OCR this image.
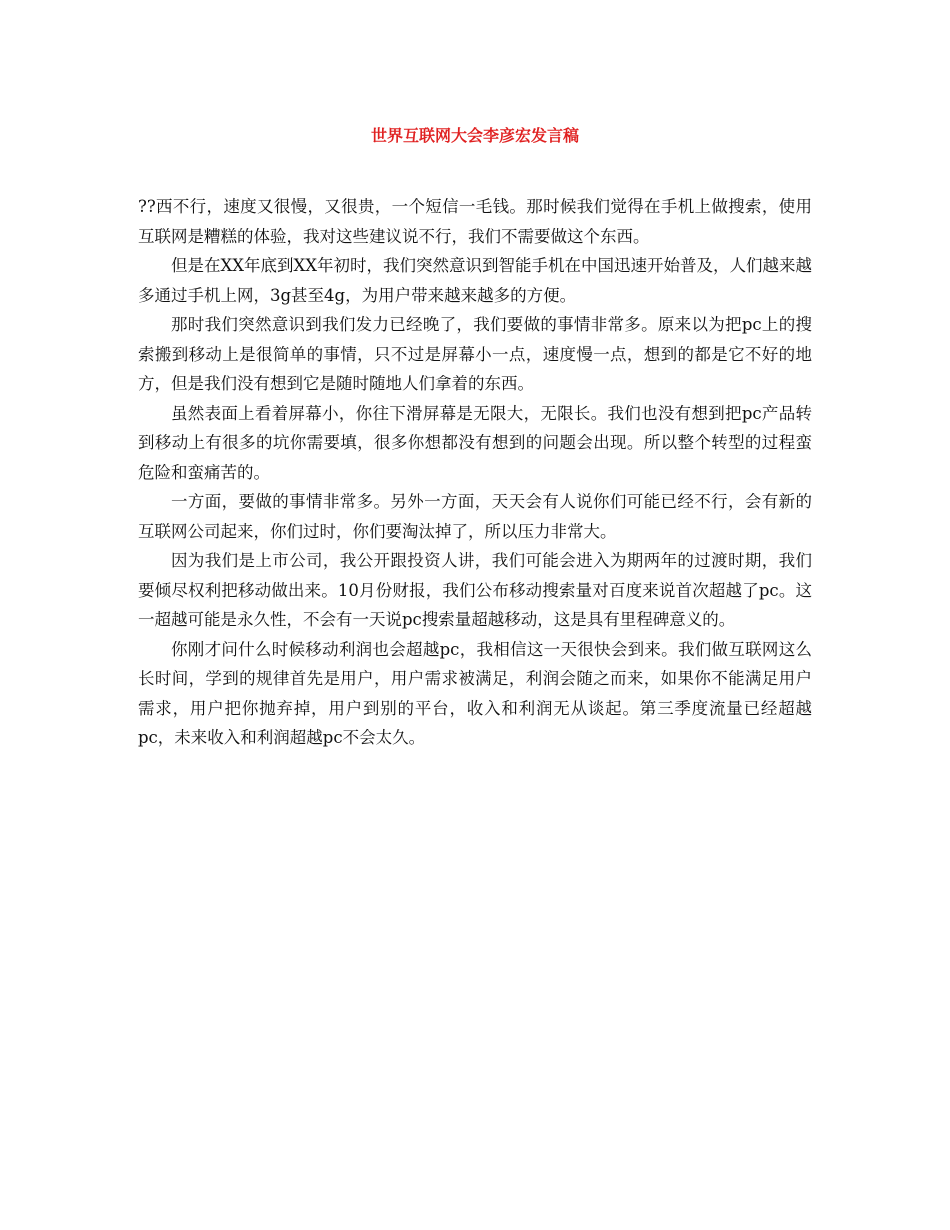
世界互联网大会李彦宏发言稿

??西不行，速度又很慢，又很贵，一个短信一毛钱。那时候我们觉得在手机上做搜索，使用互联网是糟糕的体验，我对这些建议说不行，我们不需要做这个东西。

但是在XX年底到XX年初时，我们突然意识到智能手机在中国迅速开始普及，人们越来越多通过手机上网，3g甚至4g，为用户带来越来越多的方便。

那时我们突然意识到我们发力已经晚了，我们要做的事情非常多。原来以为把pc上的搜索搬到移动上是很简单的事情，只不过是屏幕小一点，速度慢一点，想到的都是它不好的地方，但是我们没有想到它是随时随地人们拿着的东西。

虽然表面上看着屏幕小，你往下滑屏幕是无限大，无限长。我们也没有想到把pc产品转到移动上有很多的坑你需要填，很多你想都没有想到的问题会出现。所以整个转型的过程蛮危险和蛮痛苦的。

一方面，要做的事情非常多。另外一方面，天天会有人说你们可能已经不行，会有新的互联网公司起来，你们过时，你们要淘汰掉了，所以压力非常大。

因为我们是上市公司，我公开跟投资人讲，我们可能会进入为期两年的过渡时期，我们要倾尽权利把移动做出来。10月份财报，我们公布移动搜索量对百度来说首次超越了pc。这一超越可能是永久性，不会有一天说pc搜索量超越移动，这是具有里程碑意义的。

你刚才问什么时候移动利润也会超越pc，我相信这一天很快会到来。我们做互联网这么长时间，学到的规律首先是用户，用户需求被满足，利润会随之而来，如果你不能满足用户需求，用户把你抛弃掉，用户到别的平台，收入和利润无从谈起。第三季度流量已经超越pc，未来收入和利润超越pc不会太久。
